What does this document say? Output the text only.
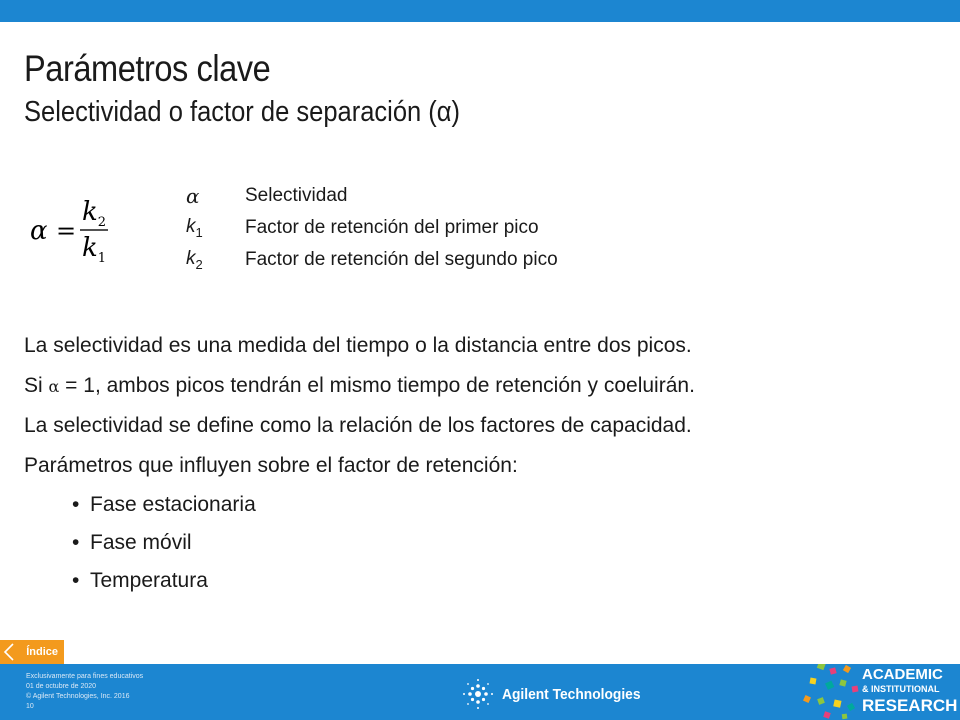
Parámetros clave
Selectividad o factor de separación (α)
α =
$k_2$
$k_1$
α	Selectividad
$k_1$	Factor de retención del primer pico
$k_2$	Factor de retención del segundo pico

La selectividad es una medida del tiempo o la distancia entre dos picos.

Si α = 1, ambos picos tendrán el mismo tiempo de retención y coeluirán.

La selectividad se define como la relación de los factores de capacidad.

Parámetros que influyen sobre el factor de retención:

• Fase estacionaria
• Fase móvil
• Temperatura
Índice
Exclusivamente para fines educativos
01 de octubre de 2020
© Agilent Technologies, Inc. 2016
10
Agilent Technologies
ACADEMIC
& INSTITUTIONAL
RESEARCH
